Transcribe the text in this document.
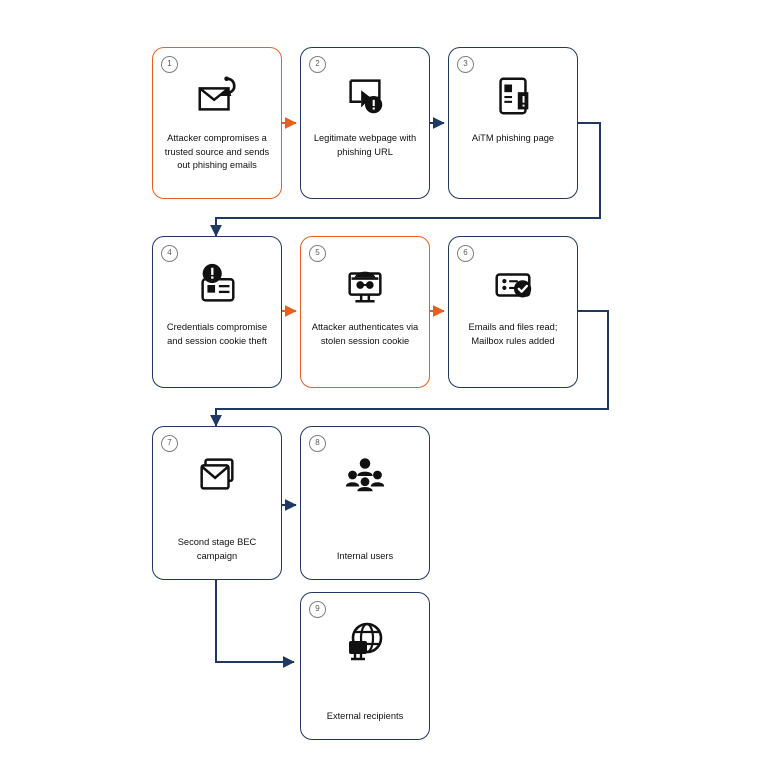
1
Attacker compromises a trusted source and sends out phishing emails
2
Legitimate webpage with phishing URL
3
AiTM phishing page
4
Credentials compromise and session cookie theft
5
Attacker authenticates via stolen session cookie
6
Emails and files read; Mailbox rules added
7
Second stage BEC campaign
8
Internal users
9
External recipients
